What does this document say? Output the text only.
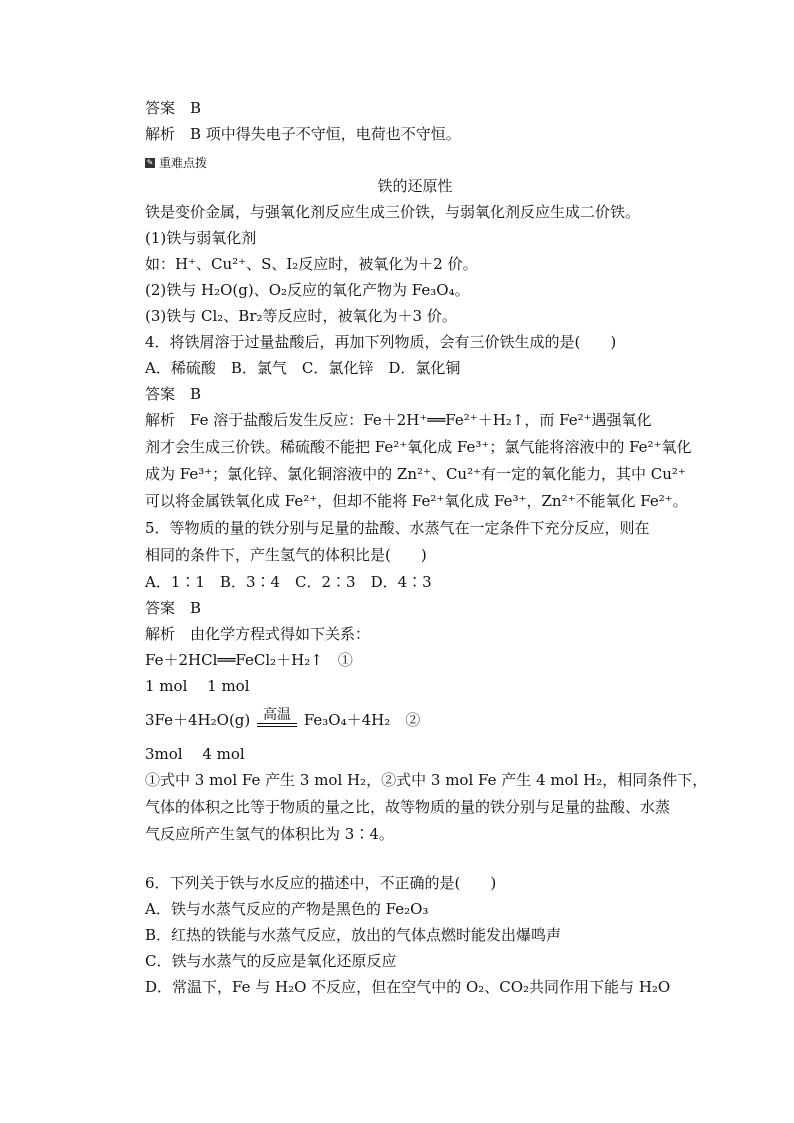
答案　B
解析　B 项中得失电子不守恒，电荷也不守恒。
✎ 重难点拨
铁的还原性
铁是变价金属，与强氧化剂反应生成三价铁，与弱氧化剂反应生成二价铁。
(1)铁与弱氧化剂
如：H⁺、Cu²⁺、S、I₂反应时，被氧化为＋2 价。
(2)铁与 H₂O(g)、O₂反应的氧化产物为 Fe₃O₄。
(3)铁与 Cl₂、Br₂等反应时，被氧化为＋3 价。
4．将铁屑溶于过量盐酸后，再加下列物质，会有三价铁生成的是(　　)
A．稀硫酸　B．氯气　C．氯化锌　D．氯化铜
答案　B
解析　Fe 溶于盐酸后发生反应：Fe＋2H⁺══Fe²⁺＋H₂↑，而 Fe²⁺遇强氧化
剂才会生成三价铁。稀硫酸不能把 Fe²⁺氧化成 Fe³⁺；氯气能将溶液中的 Fe²⁺氧化
成为 Fe³⁺；氯化锌、氯化铜溶液中的 Zn²⁺、Cu²⁺有一定的氧化能力，其中 Cu²⁺
可以将金属铁氧化成 Fe²⁺，但却不能将 Fe²⁺氧化成 Fe³⁺，Zn²⁺不能氧化 Fe²⁺。
5．等物质的量的铁分别与足量的盐酸、水蒸气在一定条件下充分反应，则在
相同的条件下，产生氢气的体积比是(　　)
A．1∶1　B．3∶4　C．2∶3　D．4∶3
答案　B
解析　由化学方程式得如下关系：
Fe＋2HCl══FeCl₂＋H₂↑　①
1 mol　 1 mol
3Fe＋4H₂O(g) 高温 Fe₃O₄＋4H₂　②
3mol　 4 mol
①式中 3 mol Fe 产生 3 mol H₂，②式中 3 mol Fe 产生 4 mol H₂，相同条件下，
气体的体积之比等于物质的量之比，故等物质的量的铁分别与足量的盐酸、水蒸
气反应所产生氢气的体积比为 3∶4。
6．下列关于铁与水反应的描述中，不正确的是(　　)
A．铁与水蒸气反应的产物是黑色的 Fe₂O₃
B．红热的铁能与水蒸气反应，放出的气体点燃时能发出爆鸣声
C．铁与水蒸气的反应是氧化还原反应
D．常温下，Fe 与 H₂O 不反应，但在空气中的 O₂、CO₂共同作用下能与 H₂O
